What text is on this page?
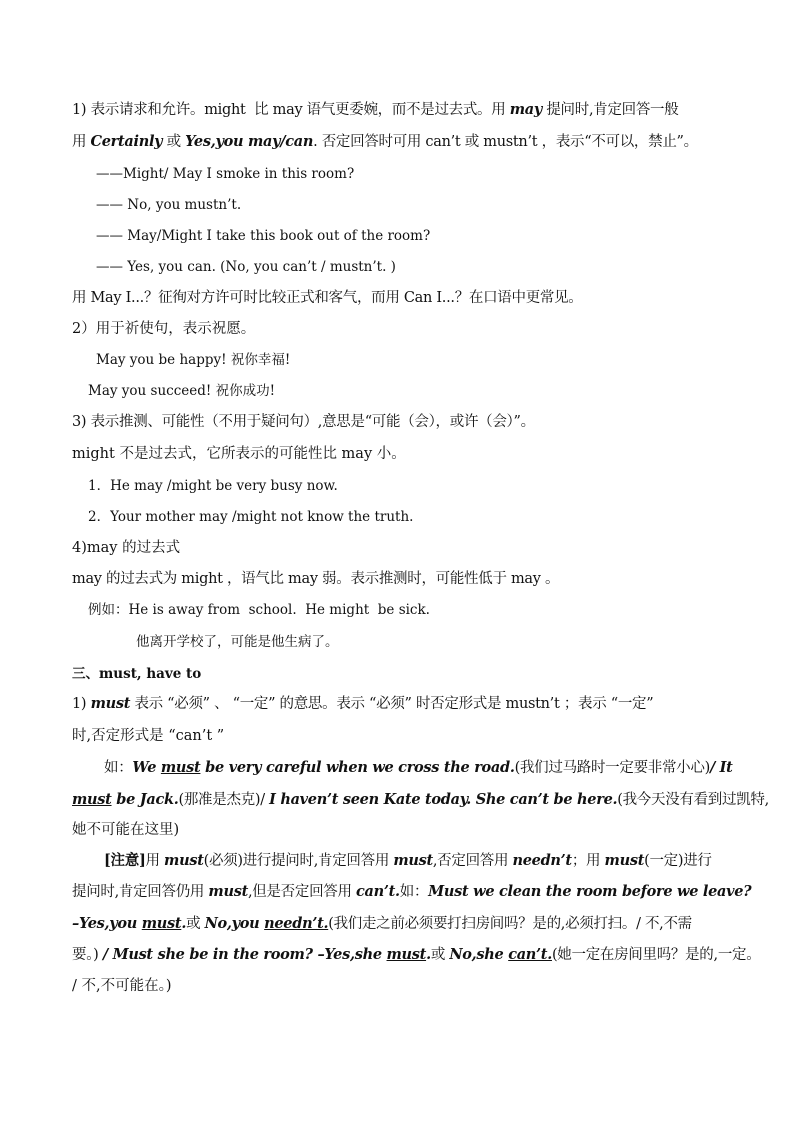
1) 表示请求和允许。might  比 may 语气更委婉，而不是过去式。用 may 提问时,肯定回答一般
用 Certainly 或 Yes,you may/can. 否定回答时可用 can’t 或 mustn’t ，表示“不可以，禁止”。
——Might/ May I smoke in this room?
—— No, you mustn’t.
—— May/Might I take this book out of the room?
—— Yes, you can. (No, you can’t / mustn’t. )
用 May I...？征徇对方许可时比较正式和客气，而用 Can I...？在口语中更常见。
2）用于祈使句，表示祝愿。
May you be happy! 祝你幸福!
May you succeed! 祝你成功!
3) 表示推测、可能性（不用于疑问句）,意思是“可能（会），或许（会）”。
might 不是过去式，它所表示的可能性比 may 小。
1．He may /might be very busy now.
2．Your mother may /might not know the truth.
4)may 的过去式
may 的过去式为 might ，语气比 may 弱。表示推测时，可能性低于 may 。
例如：He is away from  school.  He might  be sick.
他离开学校了，可能是他生病了。
三、must, have to
1) must 表示 “必须” 、 “一定” 的意思。表示 “必须” 时否定形式是 mustn’t ；表示 “一定”
时,否定形式是 “can’t ”
如：We must be very careful when we cross the road.(我们过马路时一定要非常小心)/ It
must be Jack.(那准是杰克)/ I haven’t seen Kate today. She can’t be here.(我今天没有看到过凯特,
她不可能在这里)
[注意]用 must(必须)进行提问时,肯定回答用 must,否定回答用 needn’t；用 must(一定)进行
提问时,肯定回答仍用 must,但是否定回答用 can’t.如：Must we clean the room before we leave?
–Yes,you must.或 No,you needn’t.(我们走之前必须要打扫房间吗？是的,必须打扫。/ 不,不需
要。) / Must she be in the room? –Yes,she must.或 No,she can’t.(她一定在房间里吗？是的,一定。
/ 不,不可能在。)
